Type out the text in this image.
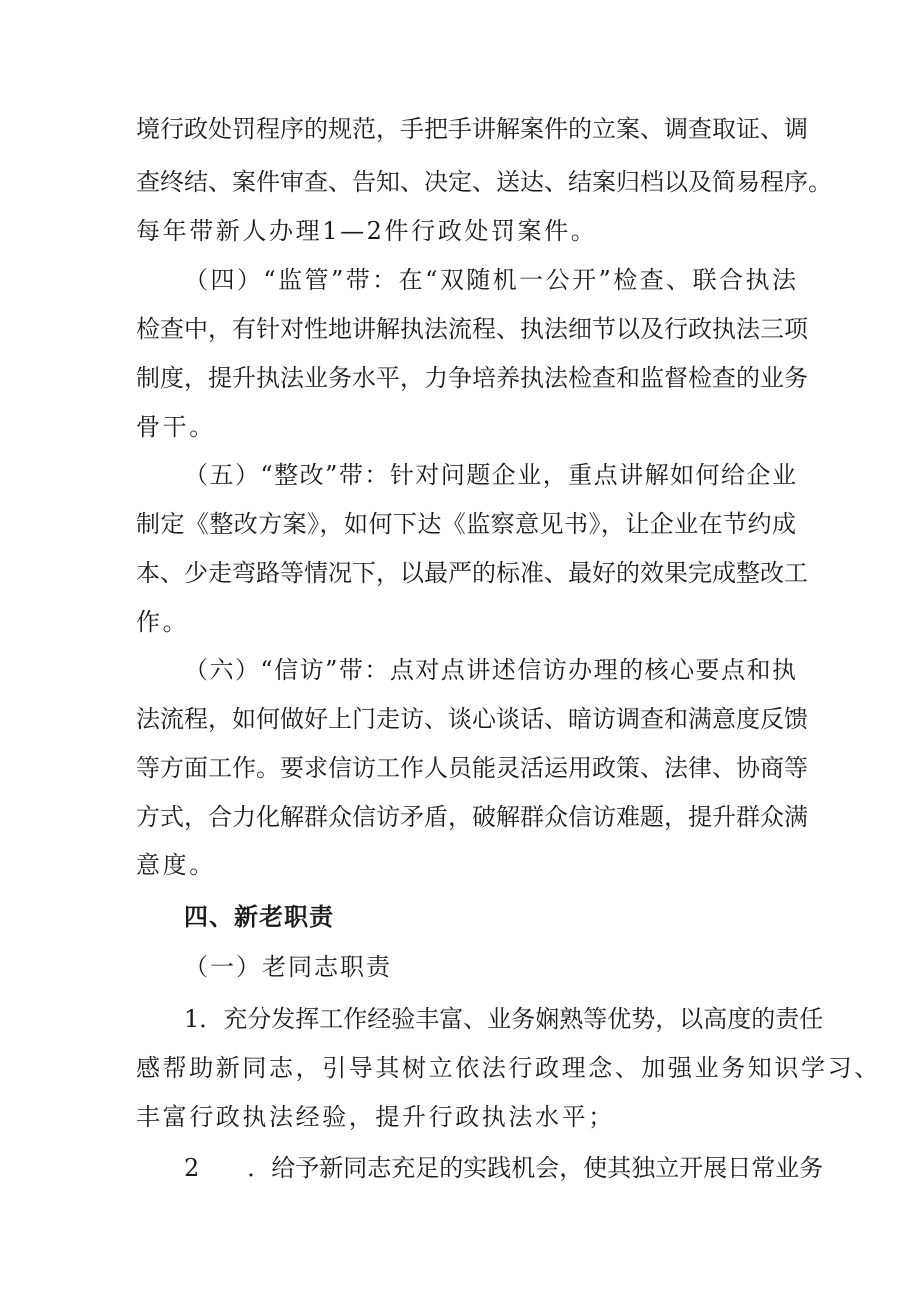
境行政处罚程序的规范，手把手讲解案件的立案、调查取证、调
查终结、案件审查、告知、决定、送达、结案归档以及简易程序。
每年带新人办理1—2件行政处罚案件。
（四）“监管”带：在“双随机一公开”检查、联合执法
检查中，有针对性地讲解执法流程、执法细节以及行政执法三项
制度，提升执法业务水平，力争培养执法检查和监督检查的业务
骨干。
（五）“整改”带：针对问题企业，重点讲解如何给企业
制定《整改方案》，如何下达《监察意见书》，让企业在节约成
本、少走弯路等情况下，以最严的标准、最好的效果完成整改工
作。
（六）“信访”带：点对点讲述信访办理的核心要点和执
法流程，如何做好上门走访、谈心谈话、暗访调查和满意度反馈
等方面工作。要求信访工作人员能灵活运用政策、法律、协商等
方式，合力化解群众信访矛盾，破解群众信访难题，提升群众满
意度。
四、新老职责
（一）老同志职责
1．充分发挥工作经验丰富、业务娴熟等优势，以高度的责任
感帮助新同志，引导其树立依法行政理念、加强业务知识学习、
丰富行政执法经验，提升行政执法水平；
2　　．给予新同志充足的实践机会，使其独立开展日常业务
